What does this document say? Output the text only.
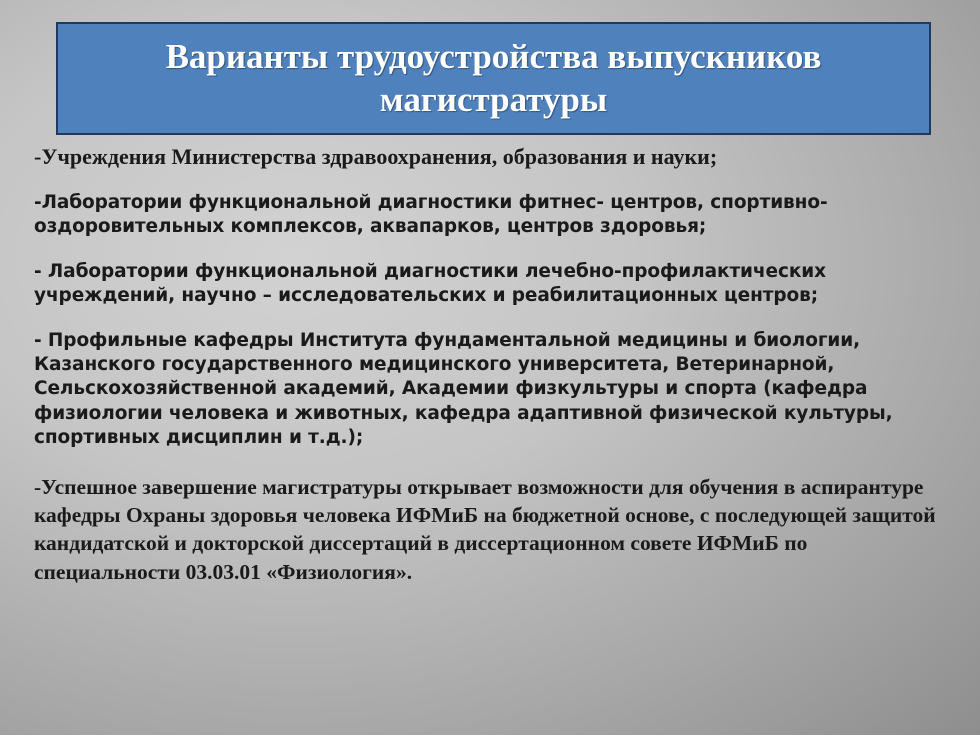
Варианты трудоустройства выпускников магистратуры

-Учреждения Министерства здравоохранения, образования и науки;

-Лаборатории функциональной диагностики фитнес- центров, спортивно-оздоровительных комплексов, аквапарков, центров здоровья;

- Лаборатории функциональной диагностики лечебно-профилактических учреждений, научно – исследовательских и реабилитационных центров;

- Профильные кафедры Института фундаментальной медицины и биологии, Казанского государственного медицинского университета, Ветеринарной, Сельскохозяйственной академий, Академии физкультуры и спорта (кафедра физиологии человека и животных, кафедра адаптивной физической культуры, спортивных дисциплин и т.д.);

-Успешное завершение магистратуры открывает возможности для обучения в аспирантуре кафедры Охраны здоровья человека ИФМиБ на бюджетной основе, с последующей защитой кандидатской и докторской диссертаций в диссертационном совете ИФМиБ по специальности 03.03.01 «Физиология».
